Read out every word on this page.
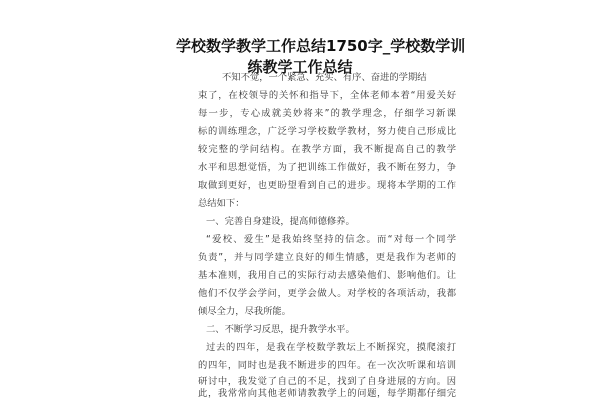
学校数学教学工作总结1750字_学校数学训
练教学工作总结
不知不觉，一个紧急、充实、有序、奋进的学期结
束了，在校领导的关怀和指导下，全体老师本着“用爱关好
每一步，专心成就美妙将来”的教学理念，仔细学习新课
标的训练理念，广泛学习学校数学教材，努力使自己形成比
较完整的学问结构。在教学方面，我不断提高自己的教学
水平和思想觉悟，为了把训练工作做好，我不断在努力，争
取做到更好，也更盼望看到自己的进步。现将本学期的工作
总结如下：
一、完善自身建设，提高师德修养。
“爱校、爱生”是我始终坚持的信念。而“对每一个同学
负责”，并与同学建立良好的师生情感，更是我作为老师的
基本准则，我用自己的实际行动去感染他们、影响他们。让
他们不仅学会学问，更学会做人。对学校的各项活动，我都
倾尽全力，尽我所能。
二、不断学习反思，提升教学水平。
过去的四年，是我在学校数学教坛上不断探究，摸爬滚打
的四年，同时也是我不断进步的四年。在一次次听课和培训
研讨中，我发觉了自己的不足，找到了自身进展的方向。因
此，我常常向其他老师请教教学上的问题，每学期都仔细完
